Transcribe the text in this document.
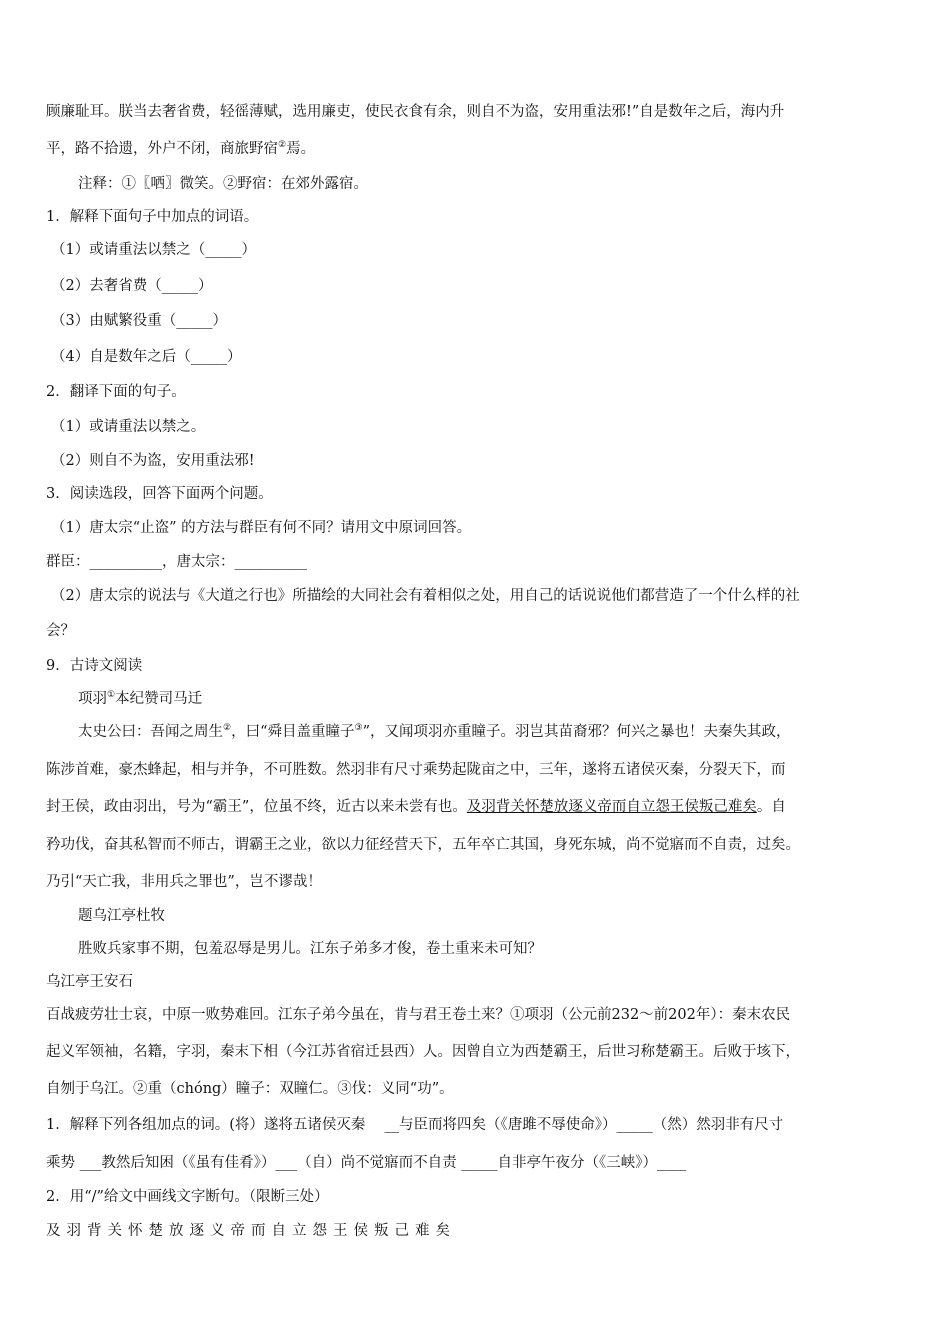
顾廉耻耳。朕当去奢省费，轻徭薄赋，选用廉吏，使民衣食有余，则自不为盗，安用重法邪!”自是数年之后，海内升
平，路不拾遗，外户不闭，商旅野宿②焉。
注释：①〖哂〗微笑。②野宿：在郊外露宿。
1．解释下面句子中加点的词语。
（1）或请重法以禁之（_____）
（2）去奢省费（_____）
（3）由赋繁役重（_____）
（4）自是数年之后（_____）
2．翻译下面的句子。
（1）或请重法以禁之。
（2）则自不为盗，安用重法邪!
3．阅读选段，回答下面两个问题。
（1）唐太宗“止盗” 的方法与群臣有何不同？请用文中原词回答。
群臣：__________，唐太宗：__________
（2）唐太宗的说法与《大道之行也》所描绘的大同社会有着相似之处，用自己的话说说他们都营造了一个什么样的社
会？
9．古诗文阅读
项羽①本纪赞司马迁
太史公曰：吾闻之周生②，曰“舜目盖重瞳子③”，又闻项羽亦重瞳子。羽岂其苗裔邪？何兴之暴也！夫秦失其政，
陈涉首难，豪杰蜂起，相与并争，不可胜数。然羽非有尺寸乘势起陇亩之中，三年，遂将五诸侯灭秦，分裂天下，而
封王侯，政由羽出，号为“霸王”，位虽不终，近古以来未尝有也。及羽背关怀楚放逐义帝而自立怨王侯叛己难矣。自
矜功伐，奋其私智而不师古，谓霸王之业，欲以力征经营天下，五年卒亡其国，身死东城，尚不觉寤而不自责，过矣。
乃引“天亡我，非用兵之罪也”，岂不谬哉！
题乌江亭杜牧
胜败兵家事不期，包羞忍辱是男儿。江东子弟多才俊，卷土重来未可知？
乌江亭王安石
百战疲劳壮士哀，中原一败势难回。江东子弟今虽在，肯与君王卷土来？①项羽（公元前232～前202年）：秦末农民
起义军领袖，名籍，字羽，秦末下相（今江苏省宿迁县西）人。因曾自立为西楚霸王，后世习称楚霸王。后败于垓下，
自刎于乌江。②重（chóng）瞳子：双瞳仁。③伐：义同“功”。
1．解释下列各组加点的词。(将）遂将五诸侯灭秦　 __与臣而将四矣（《唐雎不辱使命》）_____（然）然羽非有尺寸
乘势 ___教然后知困（《虽有佳肴》）___（自）尚不觉寤而不自责 _____自非亭午夜分（《三峡》）____
2．用“/”给文中画线文字断句。（限断三处）
及羽背关怀楚放逐义帝而自立怨王侯叛己难矣
